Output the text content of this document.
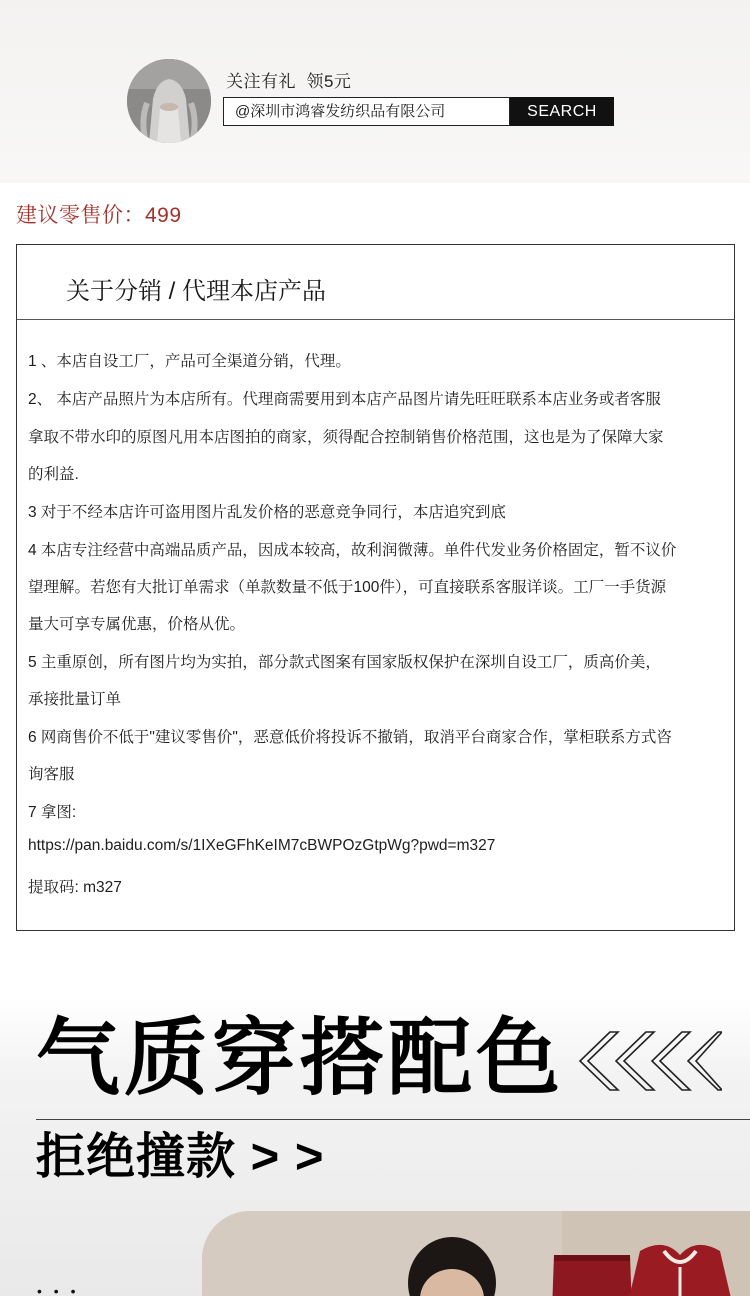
关注有礼  领5元
@深圳市鸿睿发纺织品有限公司	SEARCH
建议零售价：499
关于分销 / 代理本店产品
1 、本店自设工厂，产品可全渠道分销，代理。
2、 本店产品照片为本店所有。代理商需要用到本店产品图片请先旺旺联系本店业务或者客服
拿取不带水印的原图凡用本店图拍的商家，须得配合控制销售价格范围，这也是为了保障大家
的利益.
3 对于不经本店许可盗用图片乱发价格的恶意竞争同行，本店追究到底
4 本店专注经营中高端品质产品，因成本较高，故利润微薄。单件代发业务价格固定，暂不议价
望理解。若您有大批订单需求（单款数量不低于100件），可直接联系客服详谈。工厂一手货源
量大可享专属优惠，价格从优。
5 主重原创，所有图片均为实拍，部分款式图案有国家版权保护在深圳自设工厂，质高价美，
承接批量订单
6 网商售价不低于"建议零售价"，恶意低价将投诉不撤销，取消平台商家合作，掌柜联系方式咨
询客服
7 拿图:
https://pan.baidu.com/s/1IXeGFhKeIM7cBWPOzGtpWg?pwd=m327
提取码: m327
气质穿搭配色
拒绝撞款 > >
• • •
